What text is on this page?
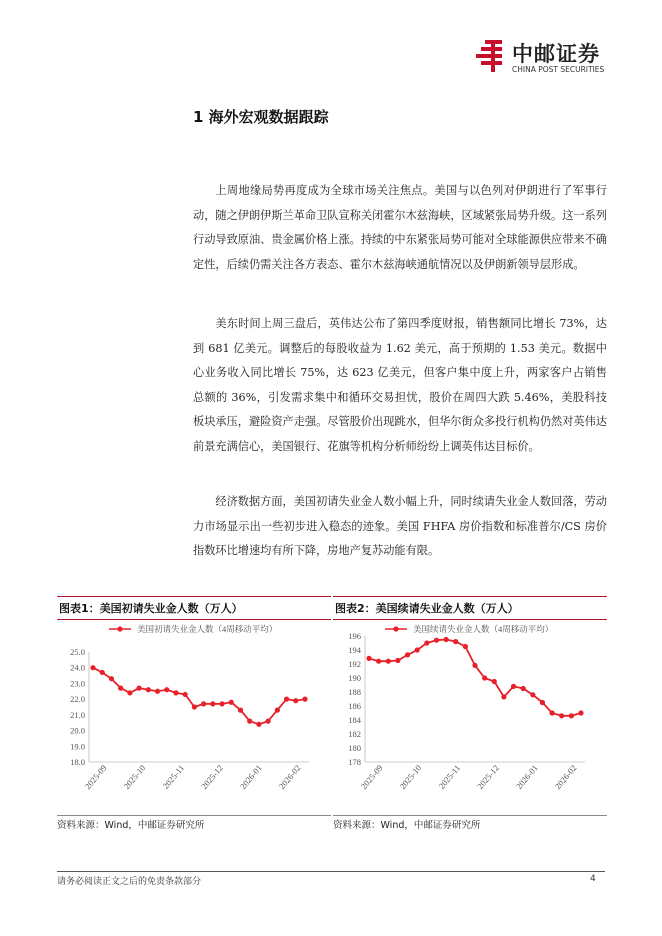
中邮证券
CHINA POST SECURITIES
1 海外宏观数据跟踪

上周地缘局势再度成为全球市场关注焦点。美国与以色列对伊朗进行了军事行动，随之伊朗伊斯兰革命卫队宣称关闭霍尔木兹海峡，区域紧张局势升级。这一系列行动导致原油、贵金属价格上涨。持续的中东紧张局势可能对全球能源供应带来不确定性，后续仍需关注各方表态、霍尔木兹海峡通航情况以及伊朗新领导层形成。

美东时间上周三盘后，英伟达公布了第四季度财报，销售额同比增长 73%，达到 681 亿美元。调整后的每股收益为 1.62 美元，高于预期的 1.53 美元。数据中心业务收入同比增长 75%，达 623 亿美元，但客户集中度上升，两家客户占销售总额的 36%，引发需求集中和循环交易担忧，股价在周四大跌 5.46%，美股科技板块承压，避险资产走强。尽管股价出现跳水，但华尔街众多投行机构仍然对英伟达前景充满信心，美国银行、花旗等机构分析师纷纷上调英伟达目标价。

经济数据方面，美国初请失业金人数小幅上升，同时续请失业金人数回落，劳动力市场显示出一些初步进入稳态的迹象。美国 FHFA 房价指数和标准普尔/CS 房价指数环比增速均有所下降，房地产复苏动能有限。

图表1：美国初请失业金人数（万人）
美国初请失业金人数（4周移动平均）
18.0
19.0
20.0
21.0
22.0
23.0
24.0
25.0
2025-09 2025-10 2025-11 2025-12 2026-01 2026-02
资料来源：Wind，中邮证券研究所
图表2：美国续请失业金人数（万人）
美国续请失业金人数（4周移动平均）
178
180
182
184
186
188
190
192
194
196
2025-09 2025-10 2025-11 2025-12 2026-01 2026-02
资料来源：Wind，中邮证券研究所
请务必阅读正文之后的免责条款部分	4
